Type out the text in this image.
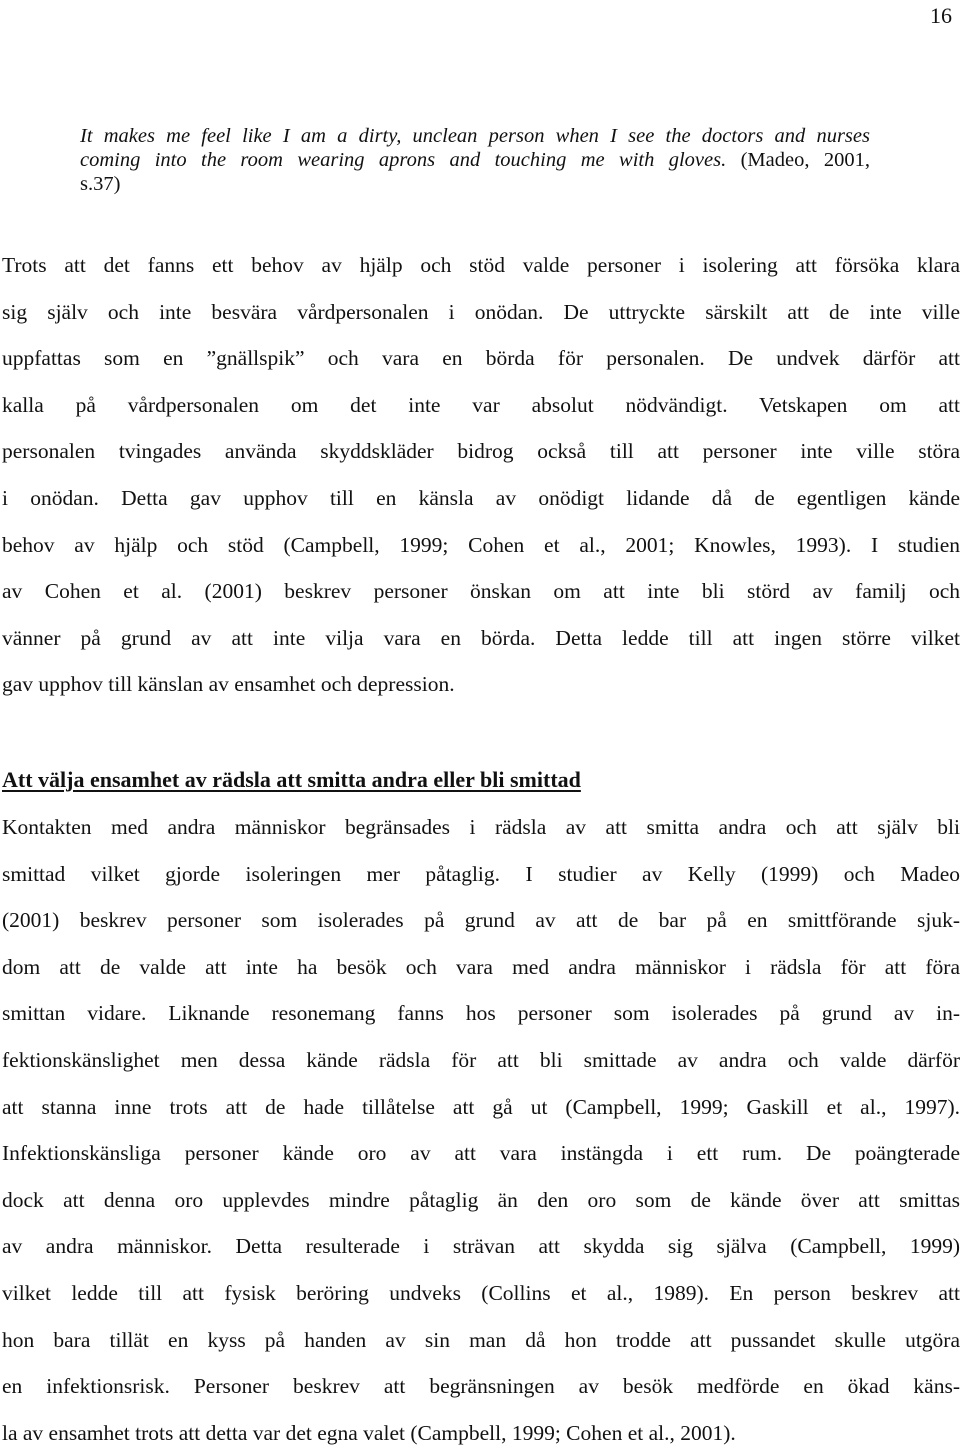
16
It makes me feel like I am a dirty, unclean person when I see the doctors and nurses
coming into the room wearing aprons and touching me with gloves. (Madeo, 2001,
s.37)
Trots att det fanns ett behov av hjälp och stöd valde personer i isolering att försöka klara
sig själv och inte besvära vårdpersonalen i onödan. De uttryckte särskilt att de inte ville
uppfattas som en ”gnällspik” och vara en börda för personalen. De undvek därför att
kalla på vårdpersonalen om det inte var absolut nödvändigt. Vetskapen om att
personalen tvingades använda skyddskläder bidrog också till att personer inte ville störa
i onödan. Detta gav upphov till en känsla av onödigt lidande då de egentligen kände
behov av hjälp och stöd (Campbell, 1999; Cohen et al., 2001; Knowles, 1993). I studien
av Cohen et al. (2001) beskrev personer önskan om att inte bli störd av familj och
vänner på grund av att inte vilja vara en börda. Detta ledde till att ingen större vilket
gav upphov till känslan av ensamhet och depression.
Att välja ensamhet av rädsla att smitta andra eller bli smittad
Kontakten med andra människor begränsades i rädsla av att smitta andra och att själv bli
smittad vilket gjorde isoleringen mer påtaglig. I studier av Kelly (1999) och Madeo
(2001) beskrev personer som isolerades på grund av att de bar på en smittförande sjuk-
dom att de valde att inte ha besök och vara med andra människor i rädsla för att föra
smittan vidare. Liknande resonemang fanns hos personer som isolerades på grund av in-
fektionskänslighet men dessa kände rädsla för att bli smittade av andra och valde därför
att stanna inne trots att de hade tillåtelse att gå ut (Campbell, 1999; Gaskill et al., 1997).
Infektionskänsliga personer kände oro av att vara instängda i ett rum. De poängterade
dock att denna oro upplevdes mindre påtaglig än den oro som de kände över att smittas
av andra människor. Detta resulterade i strävan att skydda sig själva (Campbell, 1999)
vilket ledde till att fysisk beröring undveks (Collins et al., 1989). En person beskrev att
hon bara tillät en kyss på handen av sin man då hon trodde att pussandet skulle utgöra
en infektionsrisk. Personer beskrev att begränsningen av besök medförde en ökad käns-
la av ensamhet trots att detta var det egna valet (Campbell, 1999; Cohen et al., 2001).
